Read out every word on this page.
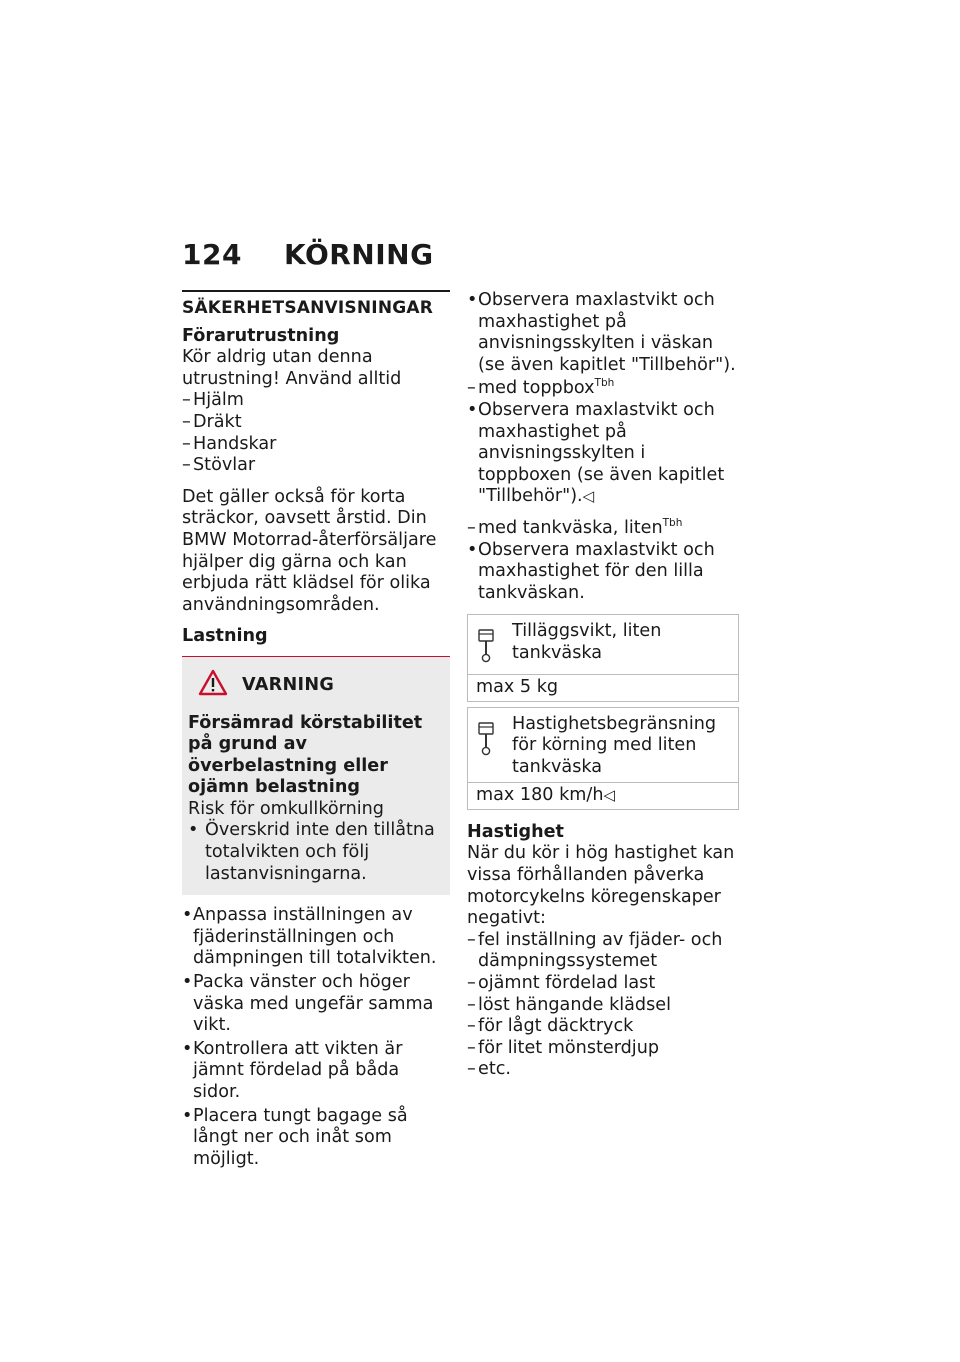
124 KÖRNING
SÄKERHETSANVISNINGAR
Förarutrustning
Kör aldrig utan denna utrustning! Använd alltid
– Hjälm
– Dräkt
– Handskar
– Stövlar

Det gäller också för korta sträckor, oavsett årstid. Din BMW Motorrad-återförsäljare hjälper dig gärna och kan erbjuda rätt klädsel för olika användningsområden.

Lastning
VARNING
Försämrad körstabilitet på grund av överbelastning eller ojämn belastning
Risk för omkullkörning
• Överskrid inte den tillåtna totalvikten och följ lastanvisningarna.
• Anpassa inställningen av fjäderinställningen och dämpningen till totalvikten.
• Packa vänster och höger väska med ungefär samma vikt.
• Kontrollera att vikten är jämnt fördelad på båda sidor.
• Placera tungt bagage så långt ner och inåt som möjligt.
• Observera maxlastvikt och maxhastighet på anvisningsskylten i väskan (se även kapitlet "Tillbehör").
– med toppbox$^{Tbh}$
• Observera maxlastvikt och maxhastighet på anvisningsskylten i toppboxen (se även kapitlet "Tillbehör").◁
– med tankväska, liten$^{Tbh}$
• Observera maxlastvikt och maxhastighet för den lilla tankväskan.
Tilläggsvikt, liten tankväska
max 5 kg
Hastighetsbegränsning för körning med liten tankväska
max 180 km/h◁
Hastighet
När du kör i hög hastighet kan vissa förhållanden påverka motorcykelns köregenskaper negativt:
– fel inställning av fjäder- och dämpningssystemet
– ojämnt fördelad last
– löst hängande klädsel
– för lågt däcktryck
– för litet mönsterdjup
– etc.
